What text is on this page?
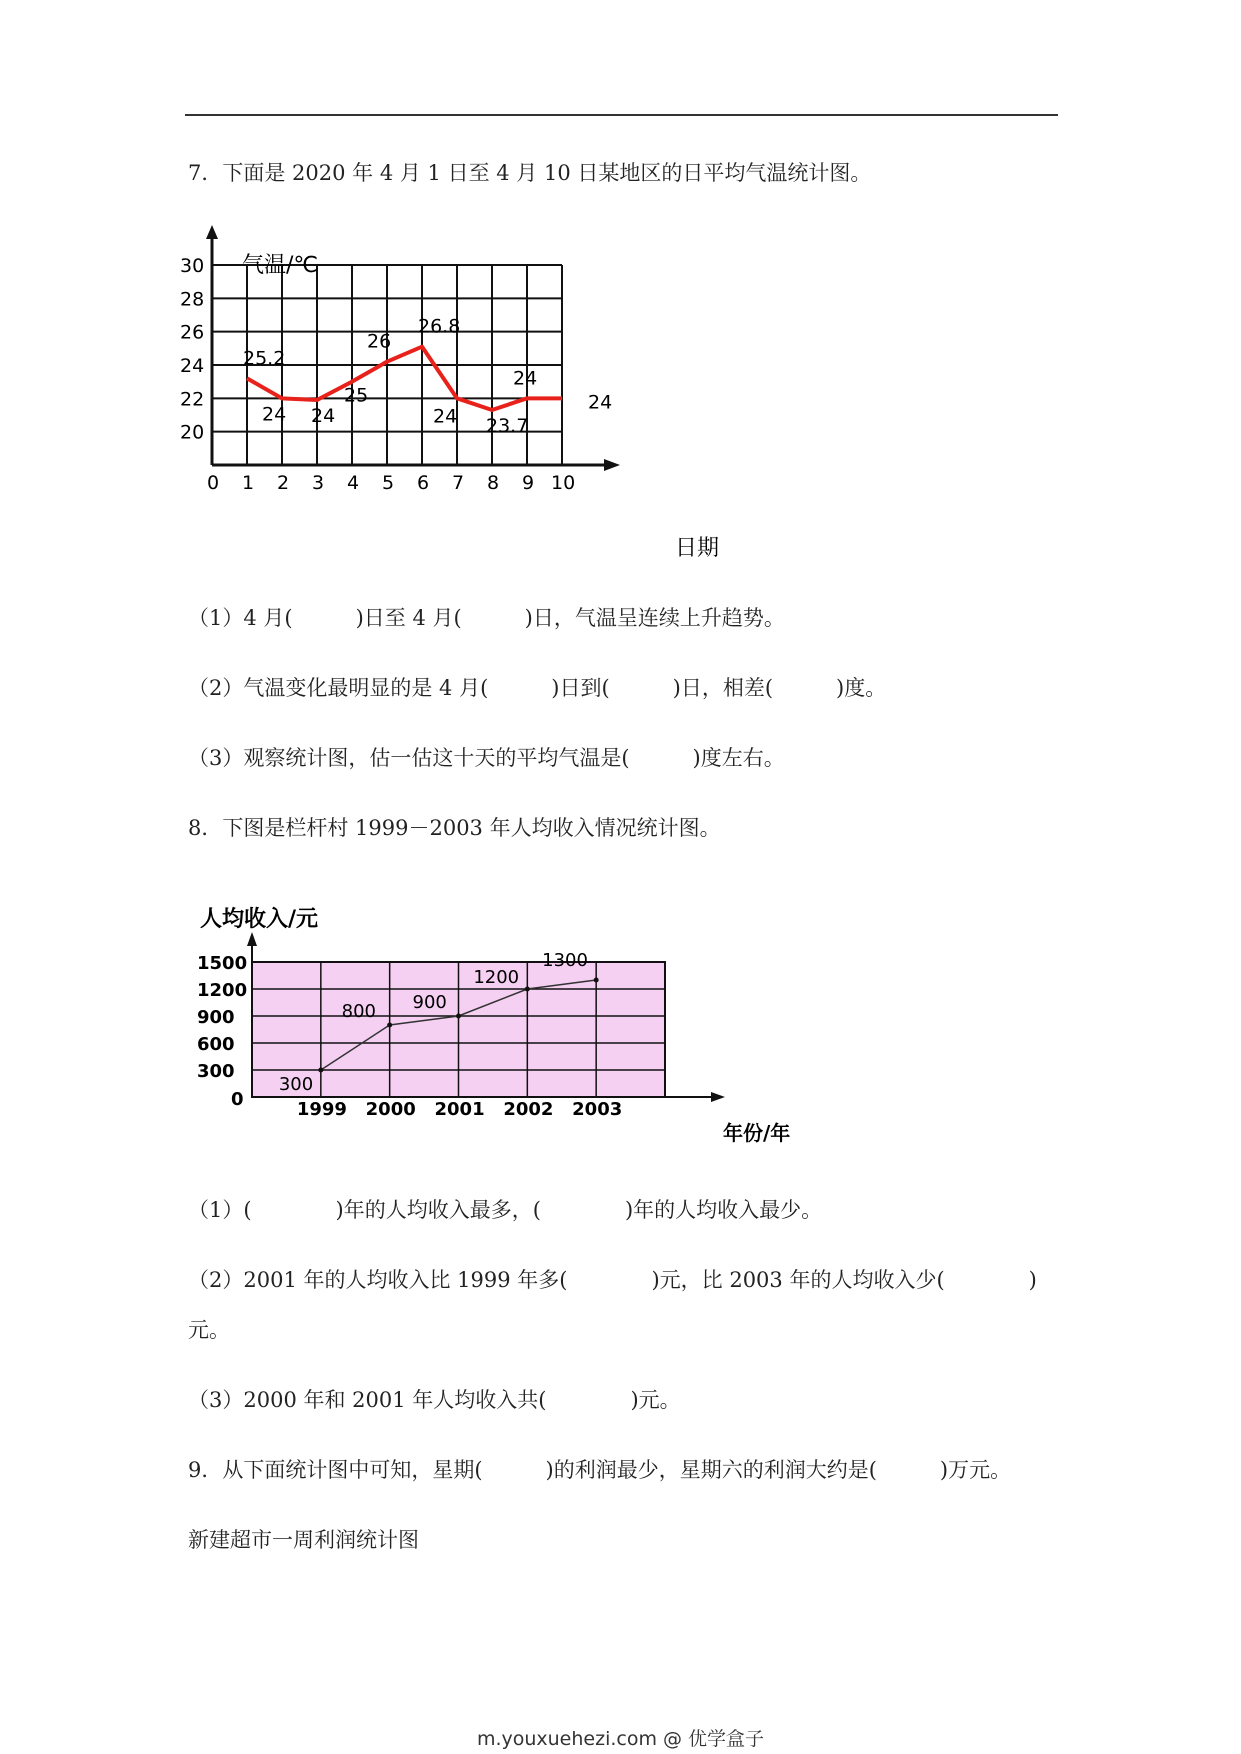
7．下面是 2020 年 4 月 1 日至 4 月 10 日某地区的日平均气温统计图。
20
22
24
26
28
30
0 1 2 3 4 5 6 7 8 9 10
25.2
24 24
25
26
26.8
24 23.7
24
24
气温/℃
日期
（1）4 月(　　　)日至 4 月(　　　)日，气温呈连续上升趋势。
（2）气温变化最明显的是 4 月(　　　)日到(　　　)日，相差(　　　)度。
（3）观察统计图，估一估这十天的平均气温是(　　　)度左右。
8．下图是栏杆村 1999－2003 年人均收入情况统计图。
0
300
600
900
1200
1500
1999 2000 2001 2002 2003
300
800 900
1200
1300
人均收入/元
年份/年
（1）(　　　　)年的人均收入最多，(　　　　)年的人均收入最少。
（2）2001 年的人均收入比 1999 年多(　　　　)元，比 2003 年的人均收入少(　　　　)
元。
（3）2000 年和 2001 年人均收入共(　　　　)元。
9．从下面统计图中可知，星期(　　　)的利润最少，星期六的利润大约是(　　　)万元。
新建超市一周利润统计图
m.youxuehezi.com @ 优学盒子
